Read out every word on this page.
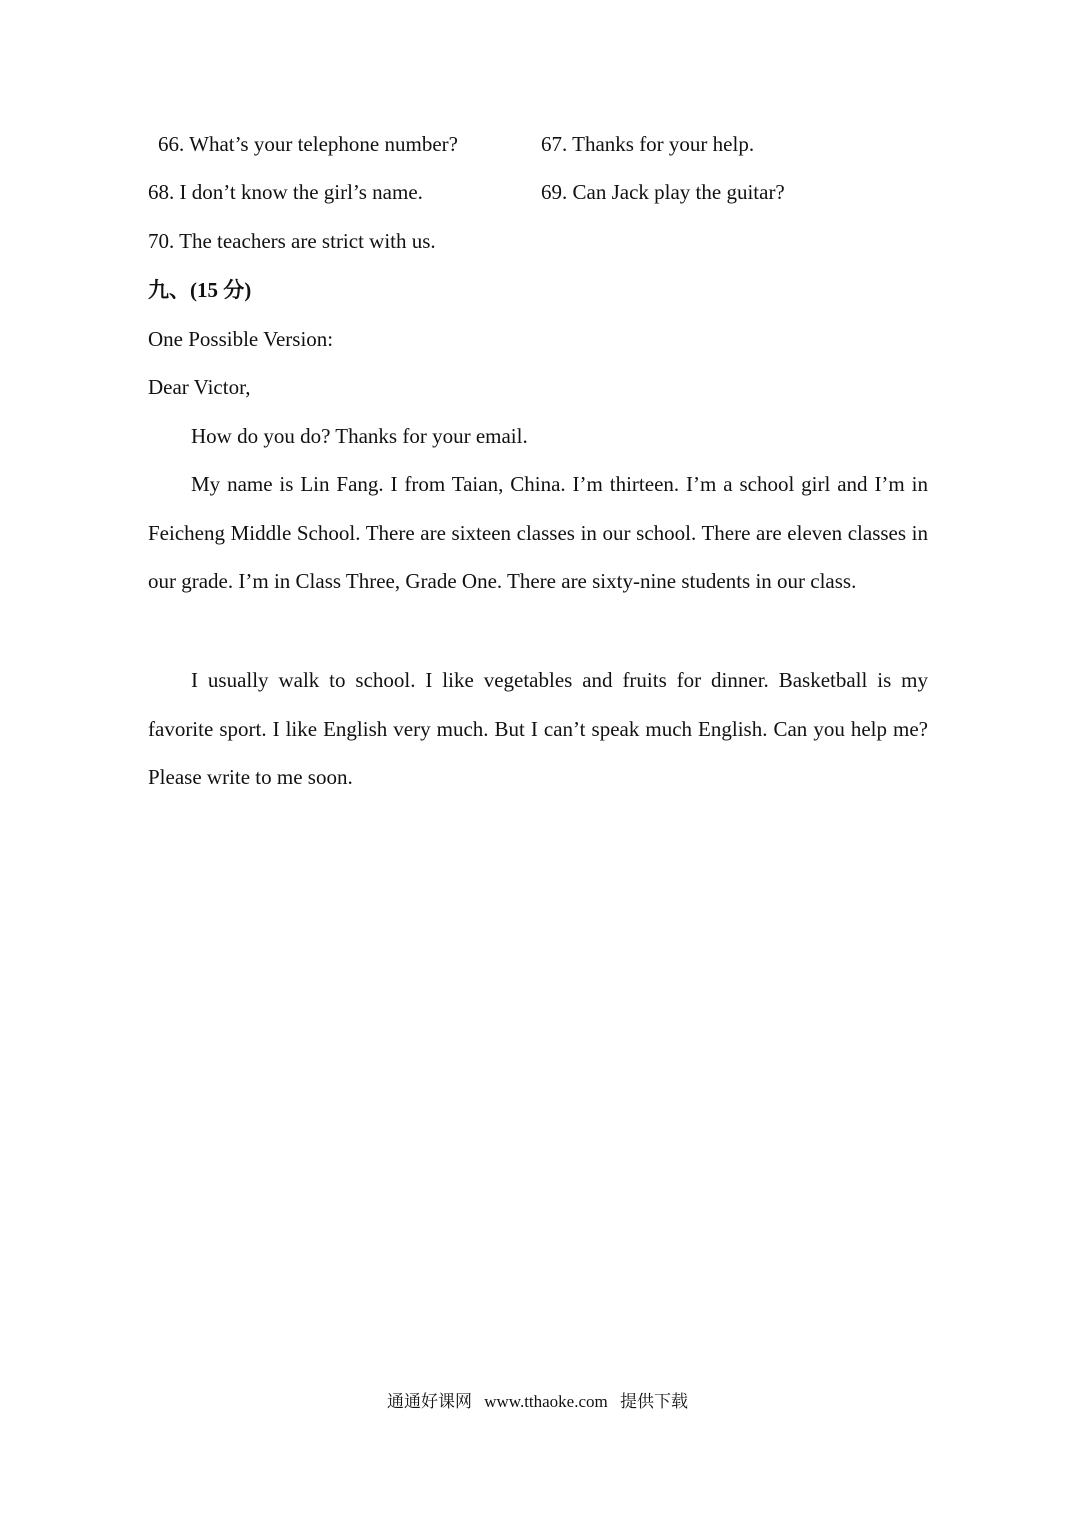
66. What’s your telephone number?	67. Thanks for your help.
68. I don’t know the girl’s name.	69. Can Jack play the guitar?
70. The teachers are strict with us.
九、(15 分)
One Possible Version:
Dear Victor,
How do you do? Thanks for your email.
My name is Lin Fang. I from Taian, China. I’m thirteen. I’m a school girl and I’m in Feicheng Middle School. There are sixteen classes in our school. There are eleven classes in our grade. I’m in Class Three, Grade One. There are sixty-nine students in our class.
I usually walk to school. I like vegetables and fruits for dinner. Basketball is my favorite sport. I like English very much. But I can’t speak much English. Can you help me? Please write to me soon.
通通好课网 www.tthaoke.com 提供下载
